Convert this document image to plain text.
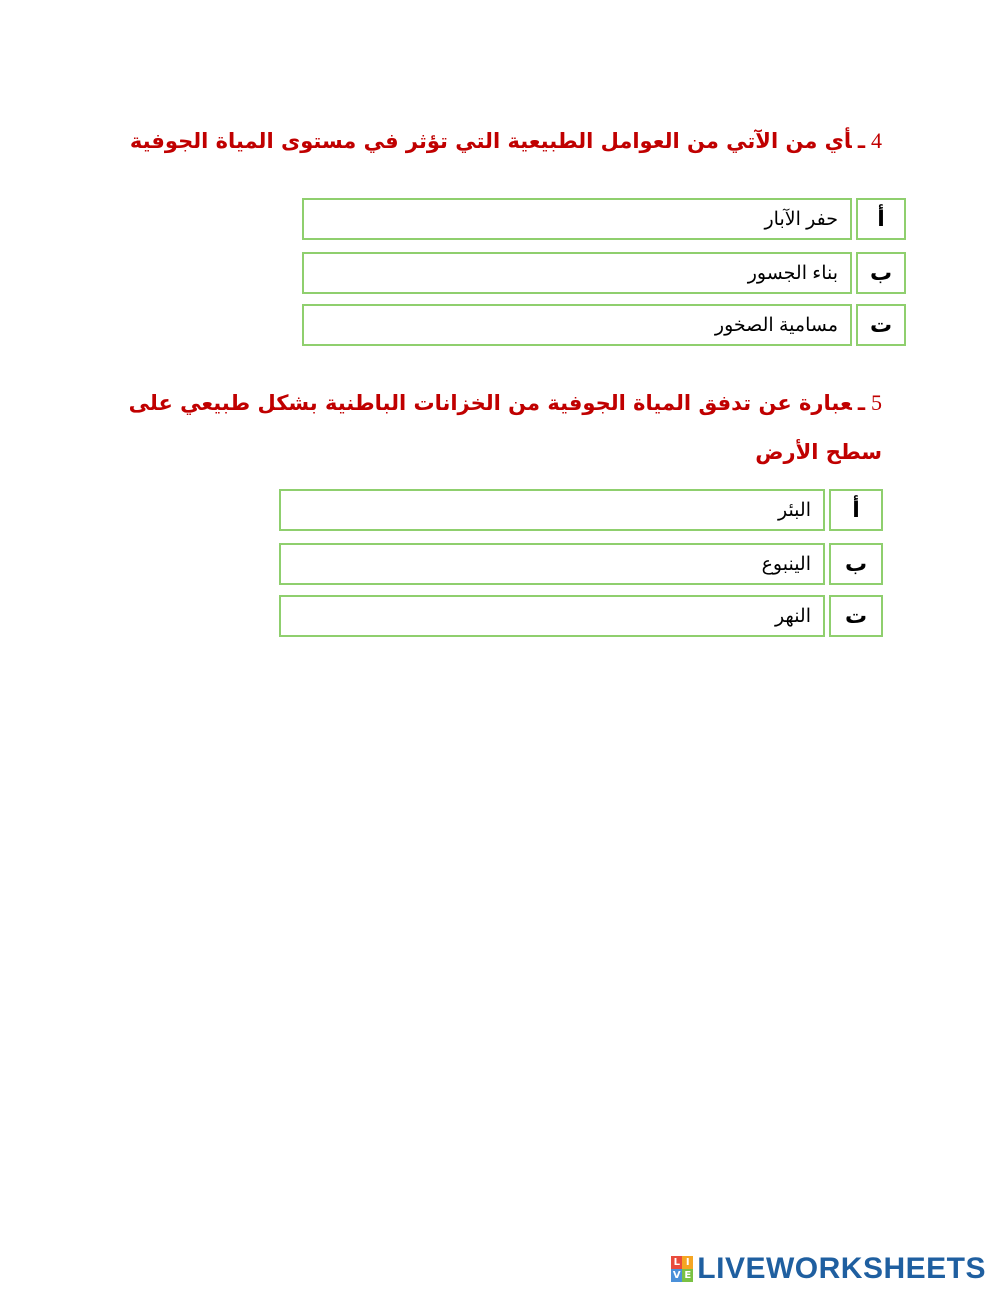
4ـأي من الآتي من العوامل الطبيعية التي تؤثر في مستوى المياة الجوفية
أ
حفر الآبار
ب
بناء الجسور
ت
مسامية الصخور
5ـعبارة عن تدفق المياة الجوفية من الخزانات الباطنية بشكل طبيعي على
سطح الأرض
أ
البئر
ب
الينبوع
ت
النهر
L I
V E LIVEWORKSHEETS
